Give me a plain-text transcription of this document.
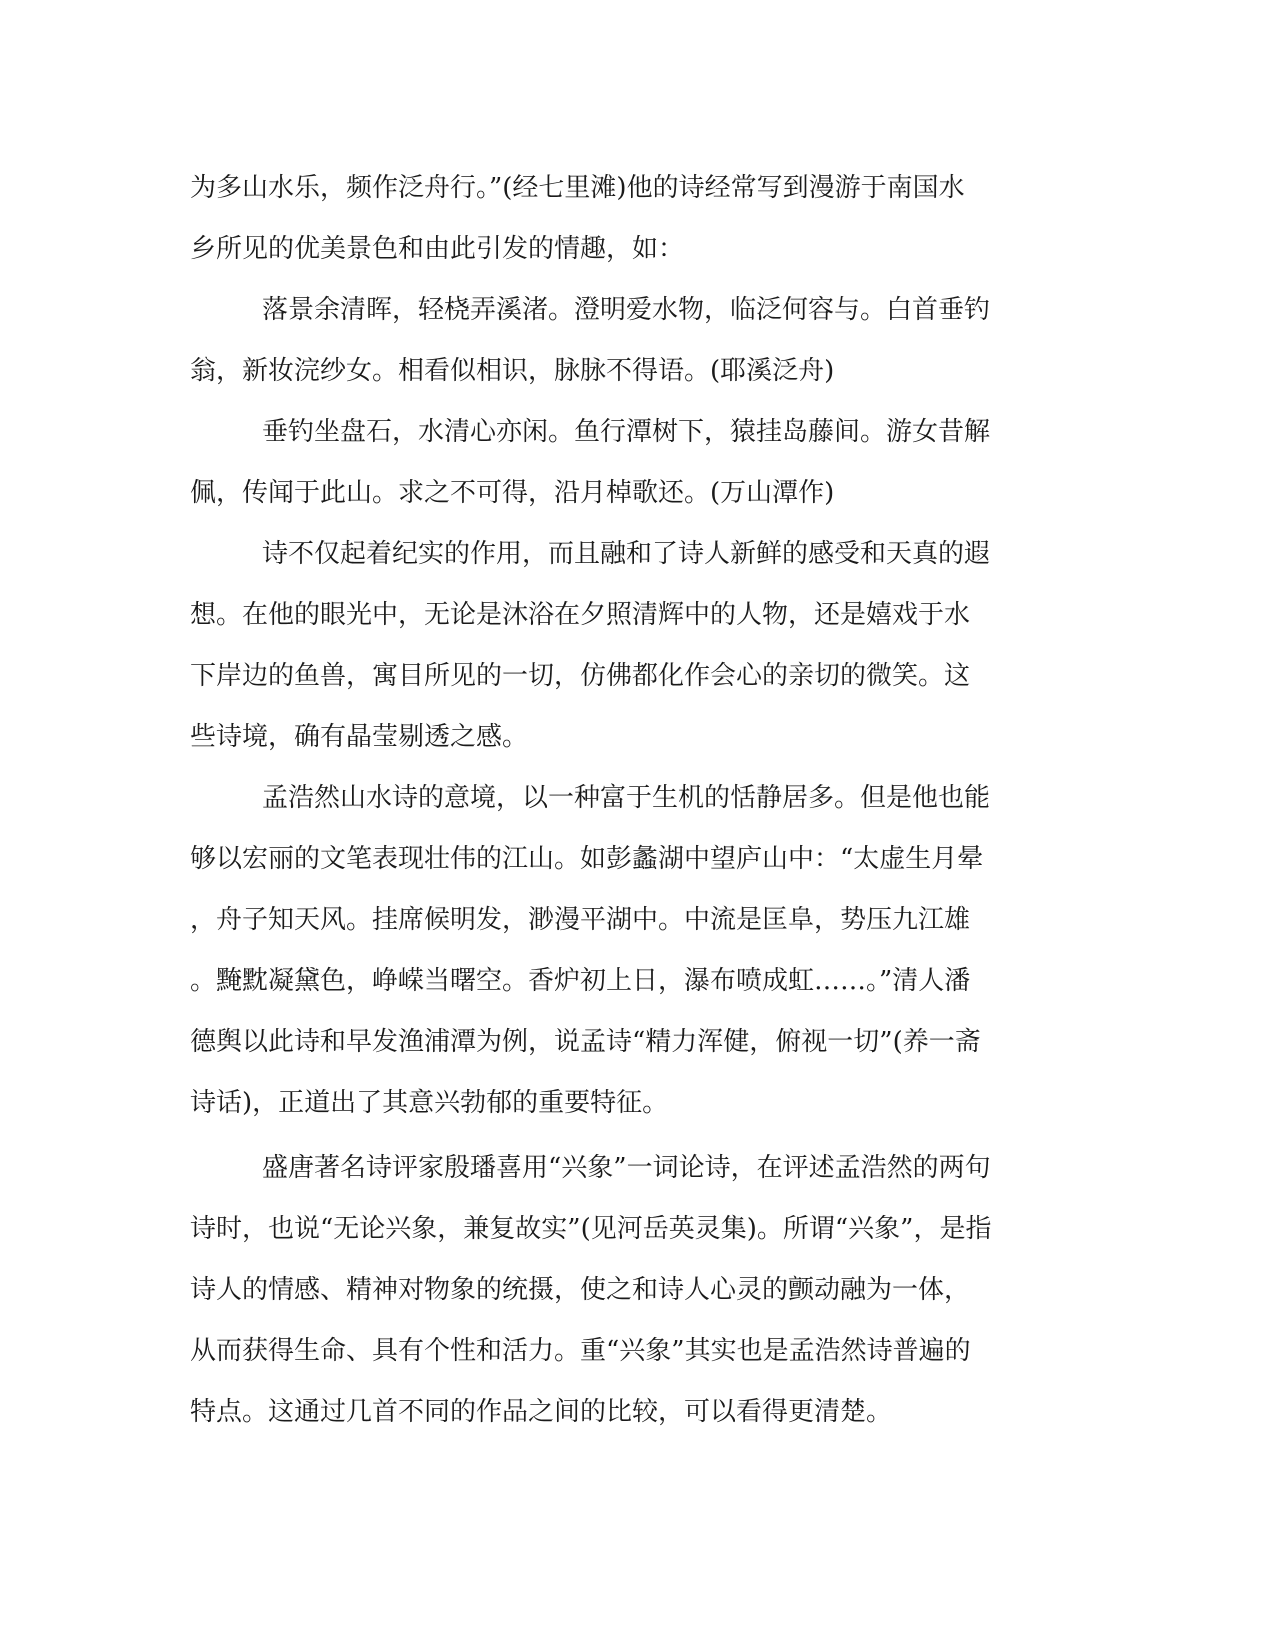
为多山水乐，频作泛舟行。”(经七里滩)他的诗经常写到漫游于南国水
乡所见的优美景色和由此引发的情趣，如：
落景余清晖，轻桡弄溪渚。澄明爱水物，临泛何容与。白首垂钓
翁，新妆浣纱女。相看似相识，脉脉不得语。(耶溪泛舟)
垂钓坐盘石，水清心亦闲。鱼行潭树下，猿挂岛藤间。游女昔解
佩，传闻于此山。求之不可得，沿月棹歌还。(万山潭作)
诗不仅起着纪实的作用，而且融和了诗人新鲜的感受和天真的遐
想。在他的眼光中，无论是沐浴在夕照清辉中的人物，还是嬉戏于水
下岸边的鱼兽，寓目所见的一切，仿佛都化作会心的亲切的微笑。这
些诗境，确有晶莹剔透之感。
孟浩然山水诗的意境，以一种富于生机的恬静居多。但是他也能
够以宏丽的文笔表现壮伟的江山。如彭蠡湖中望庐山中：“太虚生月晕
，舟子知天风。挂席候明发，渺漫平湖中。中流是匡阜，势压九江雄
。黤黕凝黛色，峥嵘当曙空。香炉初上日，瀑布喷成虹……。”清人潘
德舆以此诗和早发渔浦潭为例，说孟诗“精力浑健，俯视一切”(养一斋
诗话)，正道出了其意兴勃郁的重要特征。
盛唐著名诗评家殷璠喜用“兴象”一词论诗，在评述孟浩然的两句
诗时，也说“无论兴象，兼复故实”(见河岳英灵集)。所谓“兴象”，是指
诗人的情感、精神对物象的统摄，使之和诗人心灵的颤动融为一体，
从而获得生命、具有个性和活力。重“兴象”其实也是孟浩然诗普遍的
特点。这通过几首不同的作品之间的比较，可以看得更清楚。
